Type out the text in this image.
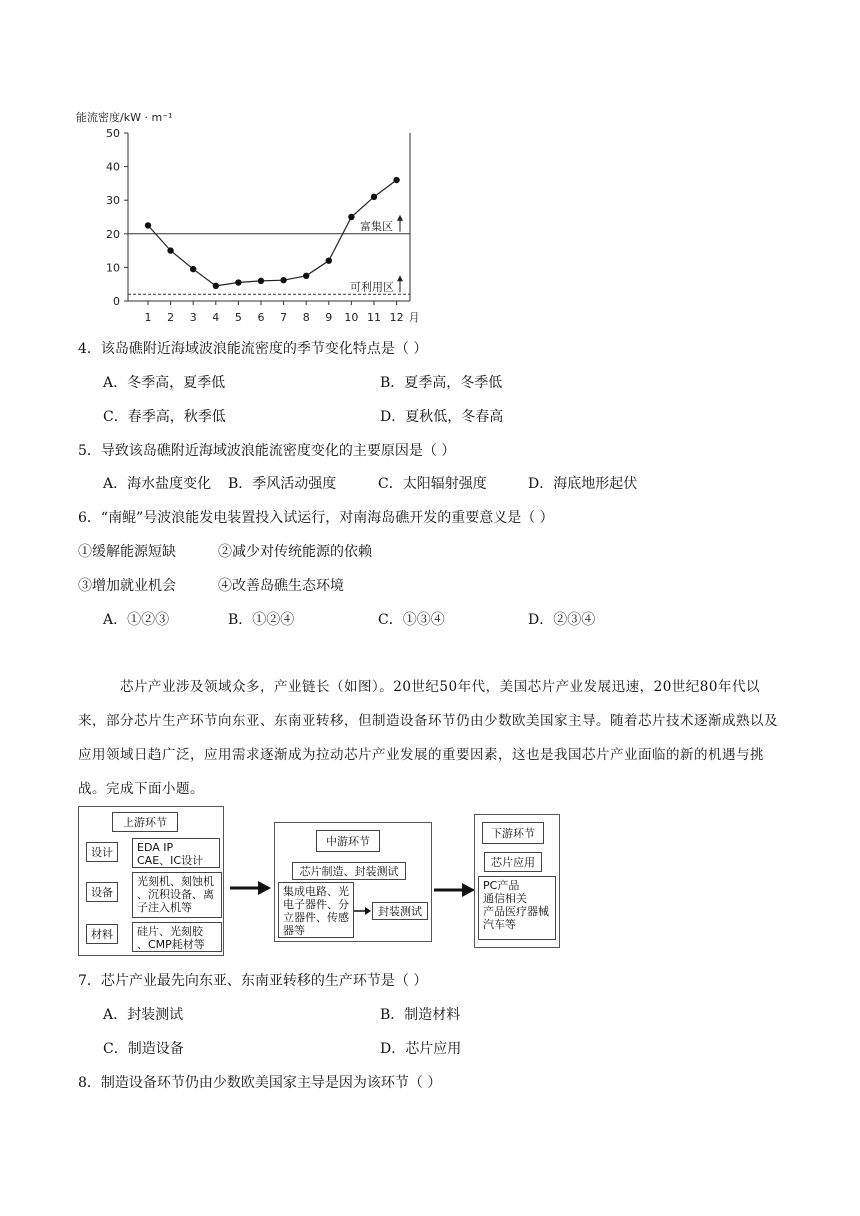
能流密度/kW · m⁻¹
0
10
20
30
40
50
1 2 3 4 5 6 7 8 9 10 11 12 月
富集区
可利用区
4．该岛礁附近海域波浪能流密度的季节变化特点是（ ）
A．冬季高，夏季低	B．夏季高，冬季低
C．春季高，秋季低	D．夏秋低，冬春高
5．导致该岛礁附近海域波浪能流密度变化的主要原因是（ ）
A．海水盐度变化 B．季风活动强度	C．太阳辐射强度	D．海底地形起伏
6．“南鲲”号波浪能发电装置投入试运行，对南海岛礁开发的重要意义是（ ）
①缓解能源短缺	②减少对传统能源的依赖
③增加就业机会	④改善岛礁生态环境
A．①②③	B．①②④	C．①③④	D．②③④
芯片产业涉及领域众多，产业链长（如图）。20世纪50年代，美国芯片产业发展迅速，20世纪80年代以来，部分芯片生产环节向东亚、东南亚转移，但制造设备环节仍由少数欧美国家主导。随着芯片技术逐渐成熟以及应用领域日趋广泛，应用需求逐渐成为拉动芯片产业发展的重要因素，这也是我国芯片产业面临的新的机遇与挑战。完成下面小题。
上游环节
设计	EDA IP
CAE、IC设计
设备
光刻机、刻蚀机
、沉积设备、离
子注入机等
材料	硅片、光刻胶
、CMP耗材等
中游环节
芯片制造、封装测试
集成电路、光
电子器件、分
立器件、传感
器等
封装测试
下游环节
芯片应用
PC产品
通信相关
产品医疗器械
汽车等
7．芯片产业最先向东亚、东南亚转移的生产环节是（ ）
A．封装测试	B．制造材料
C．制造设备	D．芯片应用
8．制造设备环节仍由少数欧美国家主导是因为该环节（ ）
